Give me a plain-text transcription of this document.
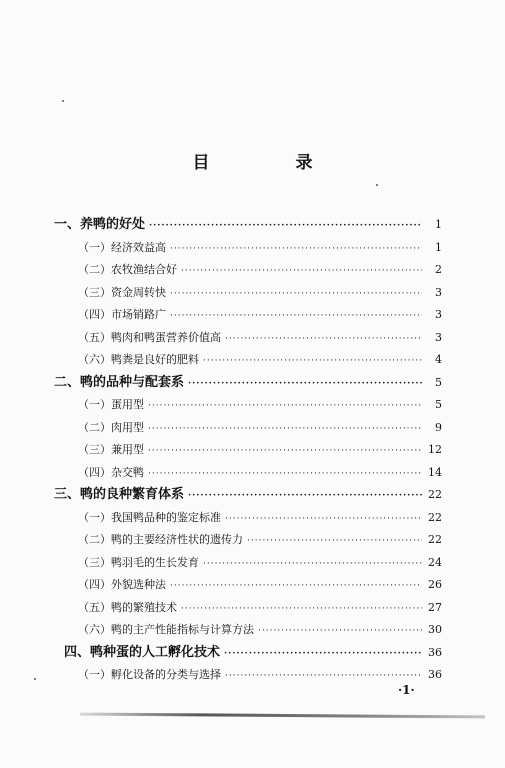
目 录
一、养鸭的好处 ·····	1
（一）经济效益高 ·····	1
（二）农牧渔结合好 ·····	2
（三）资金周转快 ·····	3
（四）市场销路广 ·····	3
（五）鸭肉和鸭蛋营养价值高 ·····	3
（六）鸭粪是良好的肥料 ·····	4
二、鸭的品种与配套系 ·····	5
（一）蛋用型 ·····	5
（二）肉用型 ·····	9
（三）兼用型 ·····	12
（四）杂交鸭 ·····	14
三、鸭的良种繁育体系 ·····	22
（一）我国鸭品种的鉴定标准 ·····	22
（二）鸭的主要经济性状的遗传力 ·····	22
（三）鸭羽毛的生长发育 ·····	24
（四）外貌选种法 ·····	26
（五）鸭的繁殖技术 ·····	27
（六）鸭的主产性能指标与计算方法 ·····	30
四、鸭种蛋的人工孵化技术 ·····	36
（一）孵化设备的分类与选择 ·····	36
·1·
